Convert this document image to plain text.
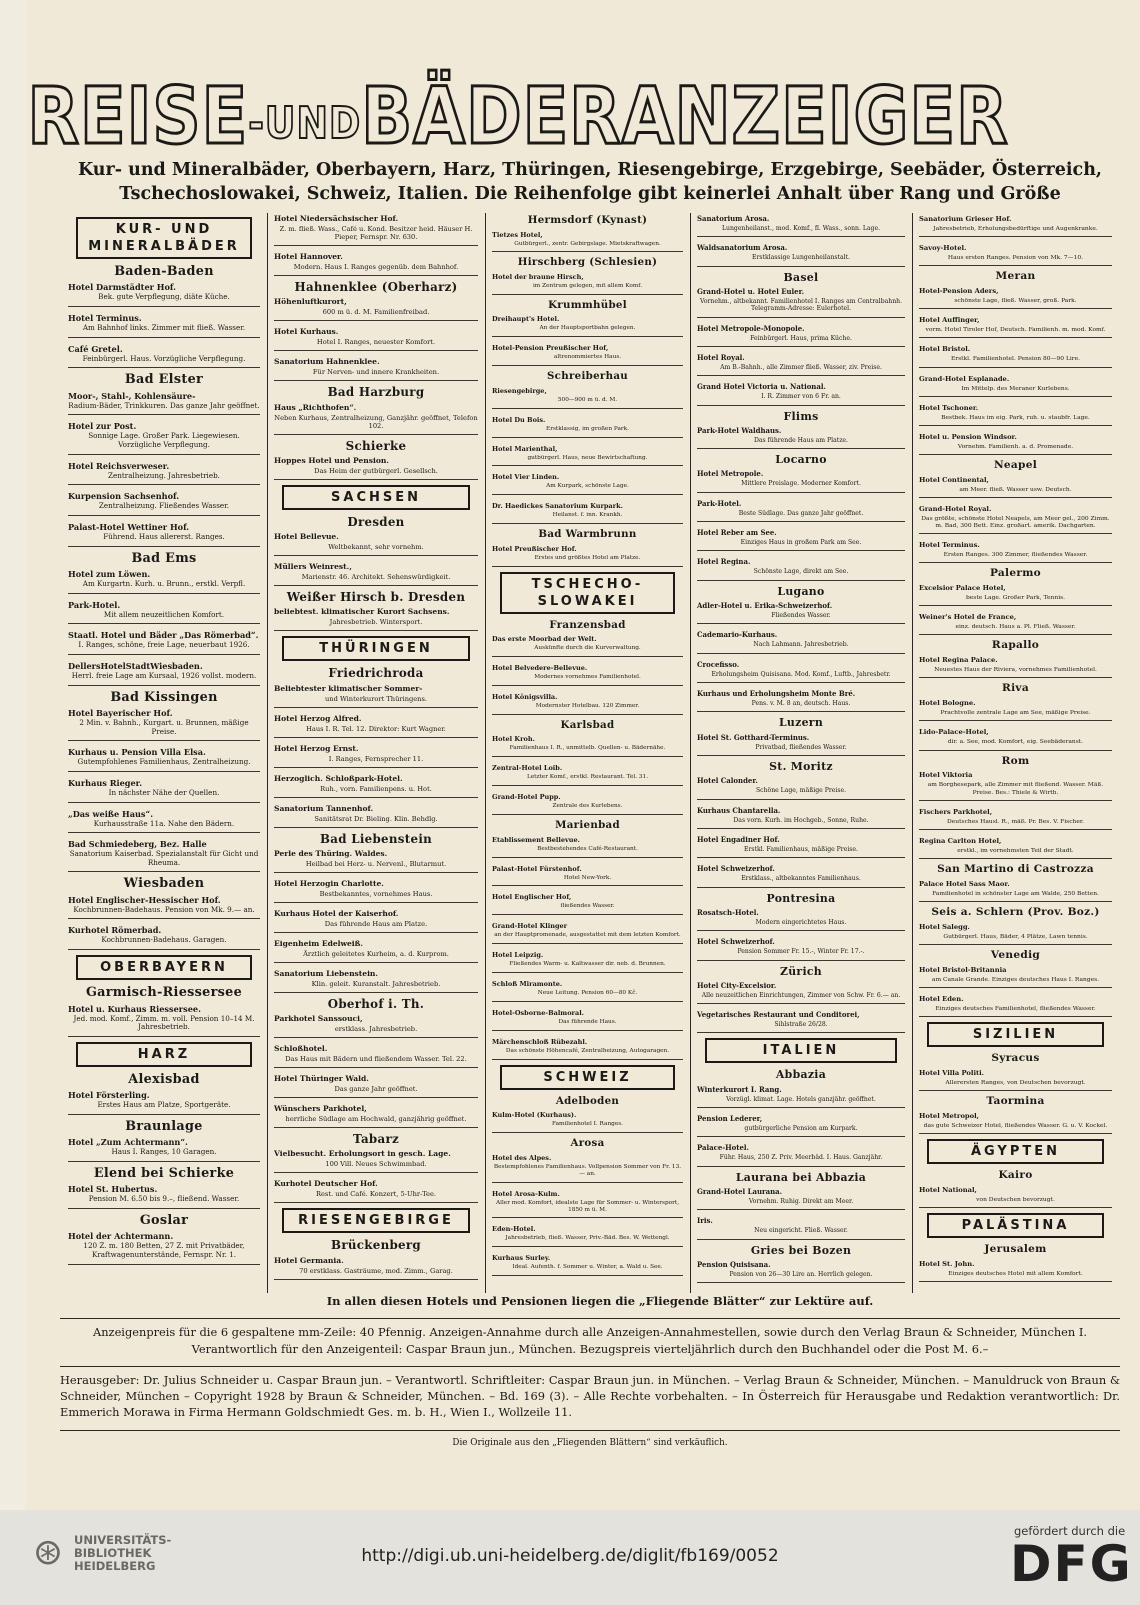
REISE -UND BÄDERANZEIGER
Kur- und Mineralbäder, Oberbayern, Harz, Thüringen, Riesengebirge, Erzgebirge, Seebäder, Österreich,
Tschechoslowakei, Schweiz, Italien. Die Reihenfolge gibt keinerlei Anhalt über Rang und Größe
KUR- UND MINERALBÄDER
Baden-Baden
Hotel Darmstädter Hof.
Bek. gute Verpflegung, diäte Küche.
Hotel Terminus.
Am Bahnhof links. Zimmer mit fließ. Wasser.
Café Gretel.
Feinbürgerl. Haus. Vorzügliche Verpflegung.
Bad Elster
Moor-, Stahl-, Kohlensäure-
Radium-Bäder, Trinkkuren. Das ganze Jahr geöffnet.
Hotel zur Post.
Sonnige Lage. Großer Park. Liegewiesen. Vorzügliche Verpflegung.
Hotel Reichsverweser.
Zentralheizung. Jahresbetrieb.
Kurpension Sachsenhof.
Zentralheizung. Fließendes Wasser.
Palast-Hotel Wettiner Hof.
Führend. Haus allererst. Ranges.
Bad Ems
Hotel zum Löwen.
Am Kurgartn. Kurh. u. Brunn., erstkl. Verpfl.
Park-Hotel.
Mit allem neuzeitlichen Komfort.
Staatl. Hotel und Bäder „Das Römerbad“.
I. Ranges, schöne, freie Lage, neuerbaut 1926.
DellersHotelStadtWiesbaden.
Herrl. freie Lage am Kursaal, 1926 vollst. modern.
Bad Kissingen
Hotel Bayerischer Hof.
2 Min. v. Bahnh., Kurgart. u. Brunnen, mäßige Preise.
Kurhaus u. Pension Villa Elsa.
Gutempfohlenes Familienhaus, Zentralheizung.
Kurhaus Rieger.
In nächster Nähe der Quellen.
„Das weiße Haus“.
Kurhausstraße 11a. Nahe den Bädern.
Bad Schmiedeberg, Bez. Halle
Sanatorium Kaiserbad. Spezialanstalt für Gicht und Rheuma.
Wiesbaden
Hotel Englischer-Hessischer Hof.
Kochbrunnen-Badehaus. Pension von Mk. 9.— an.
Kurhotel Römerbad.
Kochbrunnen-Badehaus. Garagen.
OBERBAYERN
Garmisch-Riessersee
Hotel u. Kurhaus Riessersee.
Jed. mod. Komf., Zimm. m. voll. Pension 10–14 M. Jahresbetrieb.
HARZ
Alexisbad
Hotel Försterling.
Erstes Haus am Platze, Sportgeräte.
Braunlage
Hotel „Zum Achtermann“.
Haus I. Ranges, 10 Garagen.
Elend bei Schierke
Hotel St. Hubertus.
Pension M. 6.50 bis 9.–, fließend. Wasser.
Goslar
Hotel der Achtermann.
120 Z. m. 180 Betten, 27 Z. mit Privatbäder, Kraftwagenunterstände, Fernspr. Nr. 1.
Hotel Niedersächsischer Hof.
Z. m. fließ. Wass., Café u. Kond. Besitzer heid. Häuser H. Pieper, Fernspr. Nr. 630.
Hotel Hannover.
Modern. Haus I. Ranges gegenüb. dem Bahnhof.
Hahnenklee (Oberharz)
Höhenluftkurort,
600 m ü. d. M. Familienfreibad.
Hotel Kurhaus.
Hotel I. Ranges, neuester Komfort.
Sanatorium Hahnenklee.
Für Nerven- und innere Krankheiten.
Bad Harzburg
Haus „Richthofen“.
Neben Kurhaus, Zentralheizung, Ganzjähr. geöffnet, Telefon 102.
Schierke
Hoppes Hotel und Pension.
Das Heim der gutbürgerl. Gesellsch.
SACHSEN
Dresden
Hotel Bellevue.
Weltbekannt, sehr vornehm.
Müllers Weinrest.,
Marienstr. 46. Architekt. Sehenswürdigkeit.
Weißer Hirsch b. Dresden
beliebtest. klimatischer Kurort Sachsens.
Jahresbetrieb. Wintersport.
THÜRINGEN
Friedrichroda
Beliebtester klimatischer Sommer-
und Winterkurort Thüringens.
Hotel Herzog Alfred.
Haus I. R. Tel. 12. Direktor: Kurt Wagner.
Hotel Herzog Ernst.
I. Ranges, Fernsprecher 11.
Herzoglich. Schloßpark-Hotel.
Ruh., vorn. Familienpens. u. Hot.
Sanatorium Tannenhof.
Sanitätsrat Dr. Bieling. Klin. Behdlg.
Bad Liebenstein
Perle des Thüring. Waldes.
Heilbad bei Herz- u. Nervenl., Blutarmut.
Hotel Herzogin Charlotte.
Bestbekanntes, vornehmes Haus.
Kurhaus Hotel der Kaiserhof.
Das führende Haus am Platze.
Eigenheim Edelweiß.
Ärztlich geleitetes Kurheim, a. d. Kurprom.
Sanatorium Liebenstein.
Klin. geleit. Kuranstalt. Jahresbetrieb.
Oberhof i. Th.
Parkhotel Sanssouci,
erstklass. Jahresbetrieb.
Schloßhotel.
Das Haus mit Bädern und fließendem Wasser. Tel. 22.
Hotel Thüringer Wald.
Das ganze Jahr geöffnet.
Wünschers Parkhotel,
herrliche Südlage am Hochwald, ganzjährig geöffnet.
Tabarz
Vielbesucht. Erholungsort in gesch. Lage.
100 Vill. Neues Schwimmbad.
Kurhotel Deutscher Hof.
Rest. und Café. Konzert, 5-Uhr-Tee.
RIESENGEBIRGE
Brückenberg
Hotel Germania.
70 erstklass. Gasträume, mod. Zimm., Garag.
Hermsdorf (Kynast)
Tietzes Hotel,
Gutbürgerl., zentr. Gebirgslage. Mietskraftwagen.
Hirschberg (Schlesien)
Hotel der braune Hirsch,
im Zentrum gelegen, mit allem Komf.
Krummhübel
Dreihaupt's Hotel.
An der Hauptsportbahn gelegen.
Hotel-Pension Preußischer Hof,
altrenommiertes Haus.
Schreiberhau
Riesengebirge,
500—900 m ü. d. M.
Hotel Du Bois.
Erstklassig, im großen Park.
Hotel Marienthal,
gutbürgerl. Haus, neue Bewirtschaftung.
Hotel Vier Linden.
Am Kurpark, schönste Lage.
Dr. Haedickes Sanatorium Kurpark.
Heilanst. f. inn. Krankh.
Bad Warmbrunn
Hotel Preußischer Hof.
Erstes und größtes Hotel am Platze.
TSCHECHO-SLOWAKEI
Franzensbad
Das erste Moorbad der Welt.
Auskünfte durch die Kurverwaltung.
Hotel Belvedere-Bellevue.
Modernes vornehmes Familienhotel.
Hotel Königsvilla.
Modernster Hotelbau. 120 Zimmer.
Karlsbad
Hotel Kroh.
Familienhaus I. R., unmittelb. Quellen- u. Bädernähe.
Zentral-Hotel Loib.
Letzter Komf., erstkl. Restaurant. Tel. 31.
Grand-Hotel Pupp.
Zentrale des Kurlebens.
Marienbad
Etablissement Bellevue.
Bestbestehendes Café-Restaurant.
Palast-Hotel Fürstenhof.
Hotel New-York.
Hotel Englischer Hof,
fließendes Wasser.
Grand-Hotel Klinger
an der Hauptpromenade, ausgestattet mit dem letzten Komfort.
Hotel Leipzig.
Fließendes Warm- u. Kaltwasser dir. neb. d. Brunnen.
Schloß Miramonte.
Neue Leitung. Pension 60—80 Kč.
Hotel-Osborne-Balmoral.
Das führende Haus.
Märchenschloß Rübezahl.
Das schönste Höhencafé, Zentralheizung, Autogaragen.
SCHWEIZ
Adelboden
Kulm-Hotel (Kurhaus).
Familienhotel I. Ranges.
Arosa
Hotel des Alpes.
Bestempfohlenes Familienhaus. Vollpension Sommer von Fr. 13.— an.
Hotel Arosa-Kulm.
Aller mod. Komfort, idealste Lage für Sommer- u. Wintersport, 1850 m ü. M.
Eden-Hotel.
Jahresbetrieb, fließ. Wasser, Priv.-Bäd. Bes. W. Wettengl.
Kurhaus Surley.
Ideal. Aufenth. f. Sommer u. Winter, a. Wald u. See.
Sanatorium Arosa.
Lungenheilanst., mod. Komf., fl. Wass., sonn. Lage.
Waldsanatorium Arosa.
Erstklassige Lungenheilanstalt.
Basel
Grand-Hotel u. Hotel Euler.
Vornehm., altbekannt. Familienhotel I. Ranges am Centralbahnh. Telegramm-Adresse: Eulerhotel.
Hotel Metropole-Monopole.
Feinbürgerl. Haus, prima Küche.
Hotel Royal.
Am B.-Bahnh., alle Zimmer fließ. Wasser, ziv. Preise.
Grand Hotel Victoria u. National.
I. R. Zimmer von 6 Fr. an.
Flims
Park-Hotel Waldhaus.
Das führende Haus am Platze.
Locarno
Hotel Metropole.
Mittlere Preislage. Moderner Komfort.
Park-Hotel.
Beste Südlage. Das ganze Jahr geöffnet.
Hotel Reber am See.
Einziges Haus in großem Park am See.
Hotel Regina.
Schönste Lage, direkt am See.
Lugano
Adler-Hotel u. Erika-Schweizerhof.
Fließendes Wasser.
Cademario-Kurhaus.
Nach Lahmann. Jahresbetrieb.
Crocefisso.
Erholungsheim Quisisana. Mod. Komf., Luftb., Jahresbetr.
Kurhaus und Erholungsheim Monte Bré.
Pens. v. M. 8 an, deutsch. Haus.
Luzern
Hotel St. Gotthard-Terminus.
Privatbad, fließendes Wasser.
St. Moritz
Hotel Calonder.
Schöne Lage, mäßige Preise.
Kurhaus Chantarella.
Das vorn. Kurh. im Hochgeb., Sonne, Ruhe.
Hotel Engadiner Hof.
Erstkl. Familienhaus, mäßige Preise.
Hotel Schweizerhof.
Erstklass., altbekanntes Familienhaus.
Pontresina
Rosatsch-Hotel.
Modern eingerichtetes Haus.
Hotel Schweizerhof.
Pension Sommer Fr. 15.-, Winter Fr. 17.-.
Zürich
Hotel City-Excelsior.
Alle neuzeitlichen Einrichtungen, Zimmer von Schw. Fr. 6.— an.
Vegetarisches Restaurant und Conditorei,
Sihlstraße 26/28.
ITALIEN
Abbazia
Winterkurort I. Rang.
Vorzügl. klimat. Lage. Hotels ganzjähr. geöffnet.
Pension Lederer,
gutbürgerliche Pension am Kurpark.
Palace-Hotel.
Führ. Haus, 250 Z. Priv. Meerbäd. I. Haus. Ganzjähr.
Laurana bei Abbazia
Grand-Hotel Laurana.
Vornehm. Ruhig. Direkt am Meer.
Iris.
Neu eingericht. Fließ. Wasser.
Gries bei Bozen
Pension Quisisana.
Pension von 26—30 Lire an. Herrlich gelegen.
Sanatorium Grieser Hof.
Jahresbetrieb, Erholungsbedürftige und Augenkranke.
Savoy-Hotel.
Haus ersten Ranges. Pension von Mk. 7—10.
Meran
Hotel-Pension Aders,
schönste Lage, fließ. Wasser, groß. Park.
Hotel Auffinger,
vorm. Hotel Tiroler Hof, Deutsch. Familienh. m. mod. Komf.
Hotel Bristol.
Erstkl. Familienhotel. Pension 80—90 Lire.
Grand-Hotel Esplanade.
Im Mittelp. des Meraner Kurlebens.
Hotel Tschoner.
Bestbek. Haus im eig. Park, ruh. u. staubfr. Lage.
Hotel u. Pension Windsor.
Vornehm. Familienh. a. d. Promenade.
Neapel
Hotel Continental,
am Meer. fließ. Wasser usw. Deutsch.
Grand-Hotel Royal.
Das größte, schönste Hotel Neapels, am Meer gel., 200 Zimm. m. Bad, 300 Bett. Einz. großart. amerik. Dachgarten.
Hotel Terminus.
Ersten Ranges. 300 Zimmer, fließendes Wasser.
Palermo
Excelsior Palace Hotel,
beste Lage. Großer Park, Tennis.
Weiner's Hotel de France,
einz. deutsch. Haus a. Pl. Fließ. Wasser.
Rapallo
Hotel Regina Palace.
Neuestes Haus der Riviera, vornehmes Familienhotel.
Riva
Hotel Bologne.
Prachtvolle zentrale Lage am See, mäßige Preise.
Lido-Palace-Hotel,
dir. a. See, mod. Komfort, eig. Seebäderanst.
Rom
Hotel Viktoria
am Borghesepark, alle Zimmer mit fließend. Wasser. Mäß. Preise. Bes.: Thiele & Wirth.
Fischers Parkhotel,
Deutsches Hausl. R., mäß. Pr. Bes. V. Fischer.
Regina Carlton Hotel,
erstkl., im vornehmsten Teil der Stadt.
San Martino di Castrozza
Palace Hotel Sass Maor.
Familienhotel in schönster Lage am Walde, 250 Betten.
Seis a. Schlern (Prov. Boz.)
Hotel Salegg.
Gutbürgerl. Haus, Bäder, 4 Plätze, Lawn tennis.
Venedig
Hotel Bristol-Britannia
am Canale Grande. Einziges deutsches Haus I. Ranges.
Hotel Eden.
Einziges deutsches Familienhotel, fließendes Wasser.
SIZILIEN
Syracus
Hotel Villa Politi.
Allerersten Ranges, von Deutschen bevorzugt.
Taormina
Hotel Metropol,
das gute Schweizer Hotel, fließendes Wasser. G. u. V. Kockel.
ÄGYPTEN
Kairo
Hotel National,
von Deutschen bevorzugt.
PALÄSTINA
Jerusalem
Hotel St. John.
Einziges deutsches Hotel mit allem Komfort.
In allen diesen Hotels und Pensionen liegen die „Fliegende Blätter“ zur Lektüre auf.
Anzeigenpreis für die 6 gespaltene mm-Zeile: 40 Pfennig. Anzeigen-Annahme durch alle Anzeigen-Annahmestellen, sowie durch den Verlag Braun & Schneider, München I.
Verantwortlich für den Anzeigenteil: Caspar Braun jun., München. Bezugspreis vierteljährlich durch den Buchhandel oder die Post M. 6.–
Herausgeber: Dr. Julius Schneider u. Caspar Braun jun. – Verantwortl. Schriftleiter: Caspar Braun jun. in München. – Verlag Braun & Schneider, München. – Manuldruck von Braun & Schneider, München – Copyright 1928 by Braun & Schneider, München. – Bd. 169 (3). – Alle Rechte vorbehalten. – In Österreich für Herausgabe und Redaktion verantwortlich: Dr. Emmerich Morawa in Firma Hermann Goldschmiedt Ges. m. b. H., Wien I., Wollzeile 11.
Die Originale aus den „Fliegenden Blättern“ sind verkäuflich.
⊛ UNIVERSITÄTS- BIBLIOTHEK HEIDELBERG	http://digi.ub.uni-heidelberg.de/diglit/fb169/0052
gefördert durch die
DFG
